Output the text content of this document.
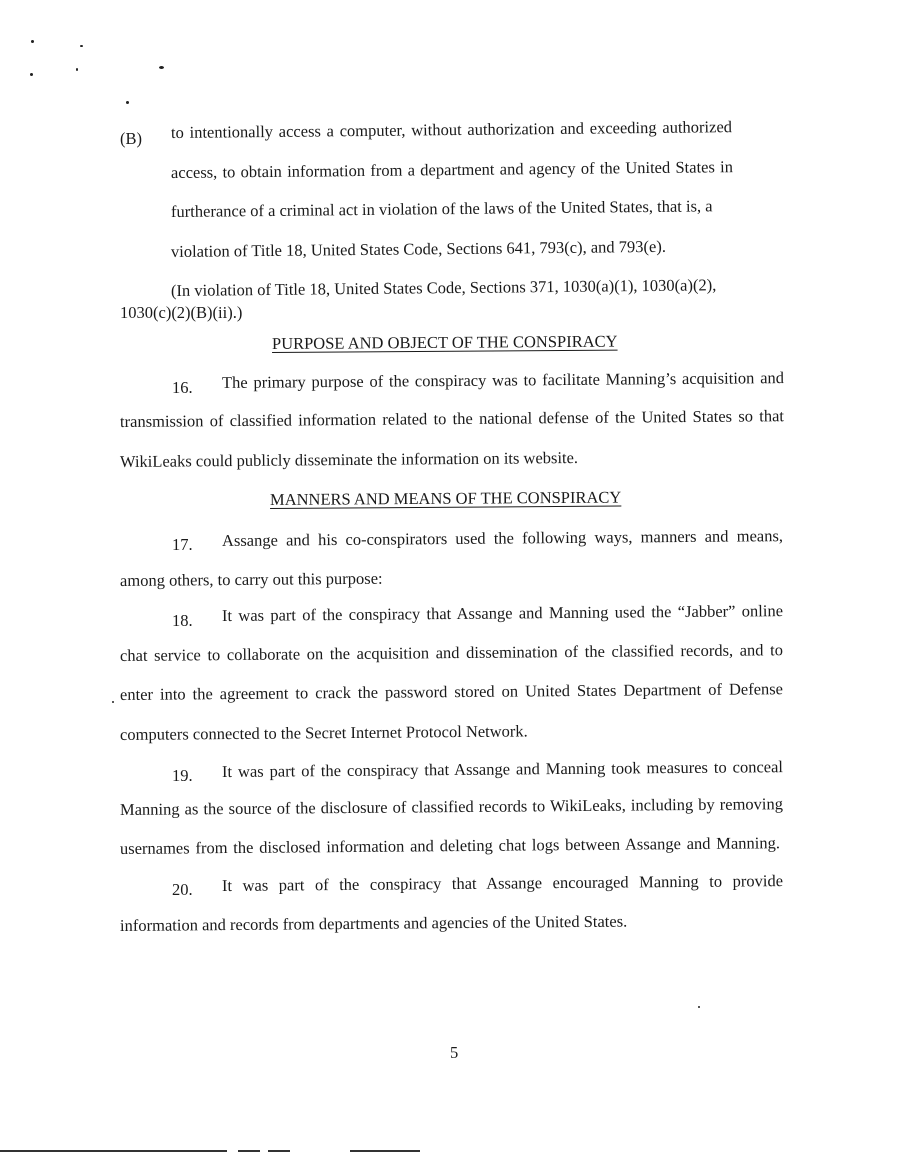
(B) to intentionally access a computer, without authorization and exceeding authorized
access, to obtain information from a department and agency of the United States in
furtherance of a criminal act in violation of the laws of the United States, that is, a
violation of Title 18, United States Code, Sections 641, 793(c), and 793(e).
(In violation of Title 18, United States Code, Sections 371, 1030(a)(1), 1030(a)(2),
1030(c)(2)(B)(ii).)
PURPOSE AND OBJECT OF THE CONSPIRACY
16. The primary purpose of the conspiracy was to facilitate Manning’s acquisition and
transmission of classified information related to the national defense of the United States so that
WikiLeaks could publicly disseminate the information on its website.
MANNERS AND MEANS OF THE CONSPIRACY
17. Assange and his co-conspirators used the following ways, manners and means,
among others, to carry out this purpose:
18. It was part of the conspiracy that Assange and Manning used the “Jabber” online
chat service to collaborate on the acquisition and dissemination of the classified records, and to
enter into the agreement to crack the password stored on United States Department of Defense
computers connected to the Secret Internet Protocol Network.
19. It was part of the conspiracy that Assange and Manning took measures to conceal
Manning as the source of the disclosure of classified records to WikiLeaks, including by removing
usernames from the disclosed information and deleting chat logs between Assange and Manning.
20. It was part of the conspiracy that Assange encouraged Manning to provide
information and records from departments and agencies of the United States.
5
